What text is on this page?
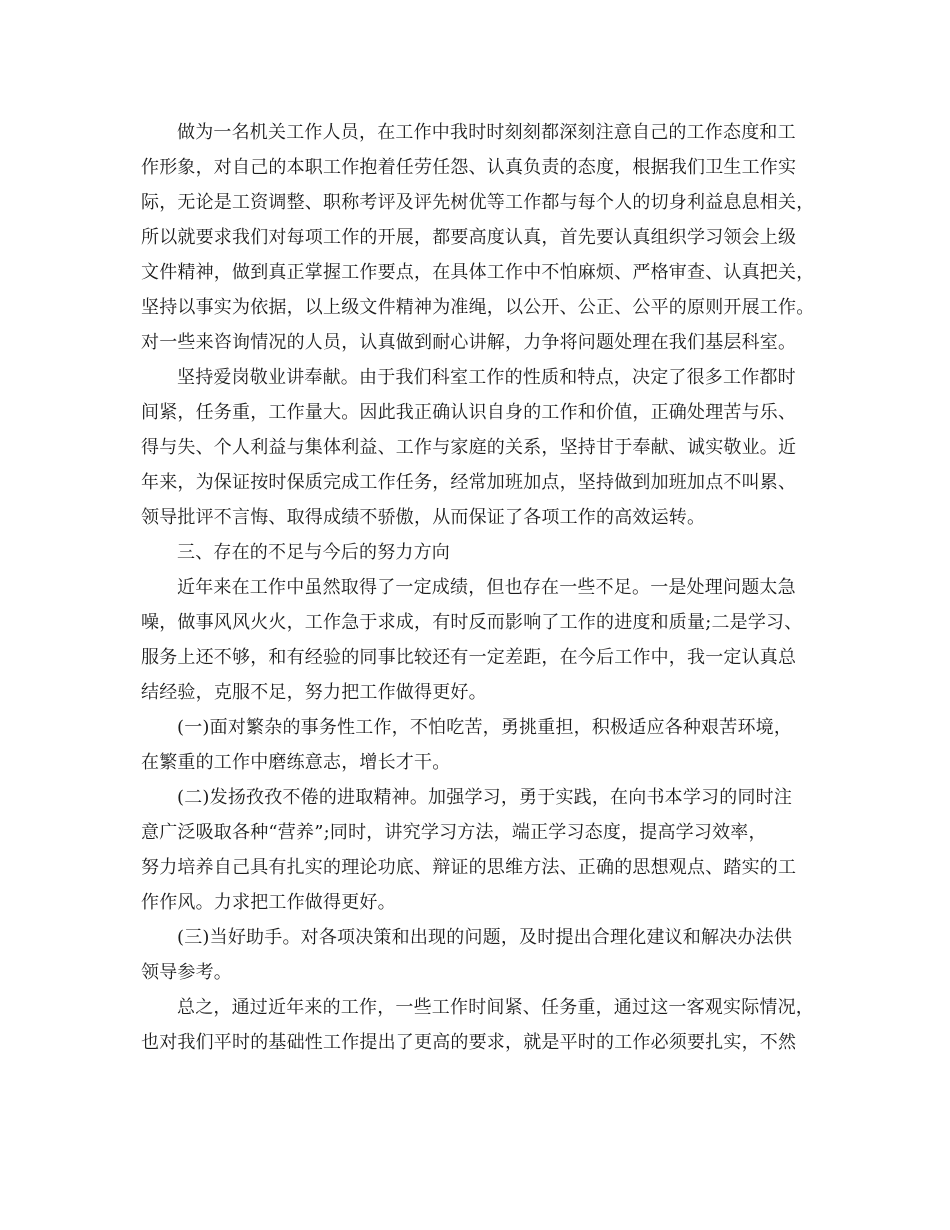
做为一名机关工作人员，在工作中我时时刻刻都深刻注意自己的工作态度和工
作形象，对自己的本职工作抱着任劳任怨、认真负责的态度，根据我们卫生工作实
际，无论是工资调整、职称考评及评先树优等工作都与每个人的切身利益息息相关，
所以就要求我们对每项工作的开展，都要高度认真，首先要认真组织学习领会上级
文件精神，做到真正掌握工作要点，在具体工作中不怕麻烦、严格审查、认真把关，
坚持以事实为依据，以上级文件精神为准绳，以公开、公正、公平的原则开展工作。
对一些来咨询情况的人员，认真做到耐心讲解，力争将问题处理在我们基层科室。
坚持爱岗敬业讲奉献。由于我们科室工作的性质和特点，决定了很多工作都时
间紧，任务重，工作量大。因此我正确认识自身的工作和价值，正确处理苦与乐、
得与失、个人利益与集体利益、工作与家庭的关系，坚持甘于奉献、诚实敬业。近
年来，为保证按时保质完成工作任务，经常加班加点，坚持做到加班加点不叫累、
领导批评不言悔、取得成绩不骄傲，从而保证了各项工作的高效运转。
三、存在的不足与今后的努力方向
近年来在工作中虽然取得了一定成绩，但也存在一些不足。一是处理问题太急
噪，做事风风火火，工作急于求成，有时反而影响了工作的进度和质量;二是学习、
服务上还不够，和有经验的同事比较还有一定差距，在今后工作中，我一定认真总
结经验，克服不足，努力把工作做得更好。
(一)面对繁杂的事务性工作，不怕吃苦，勇挑重担，积极适应各种艰苦环境，
在繁重的工作中磨练意志，增长才干。
(二)发扬孜孜不倦的进取精神。加强学习，勇于实践，在向书本学习的同时注
意广泛吸取各种“营养”;同时，讲究学习方法，端正学习态度，提高学习效率，
努力培养自己具有扎实的理论功底、辩证的思维方法、正确的思想观点、踏实的工
作作风。力求把工作做得更好。
(三)当好助手。对各项决策和出现的问题，及时提出合理化建议和解决办法供
领导参考。
总之，通过近年来的工作，一些工作时间紧、任务重，通过这一客观实际情况，
也对我们平时的基础性工作提出了更高的要求，就是平时的工作必须要扎实，不然
